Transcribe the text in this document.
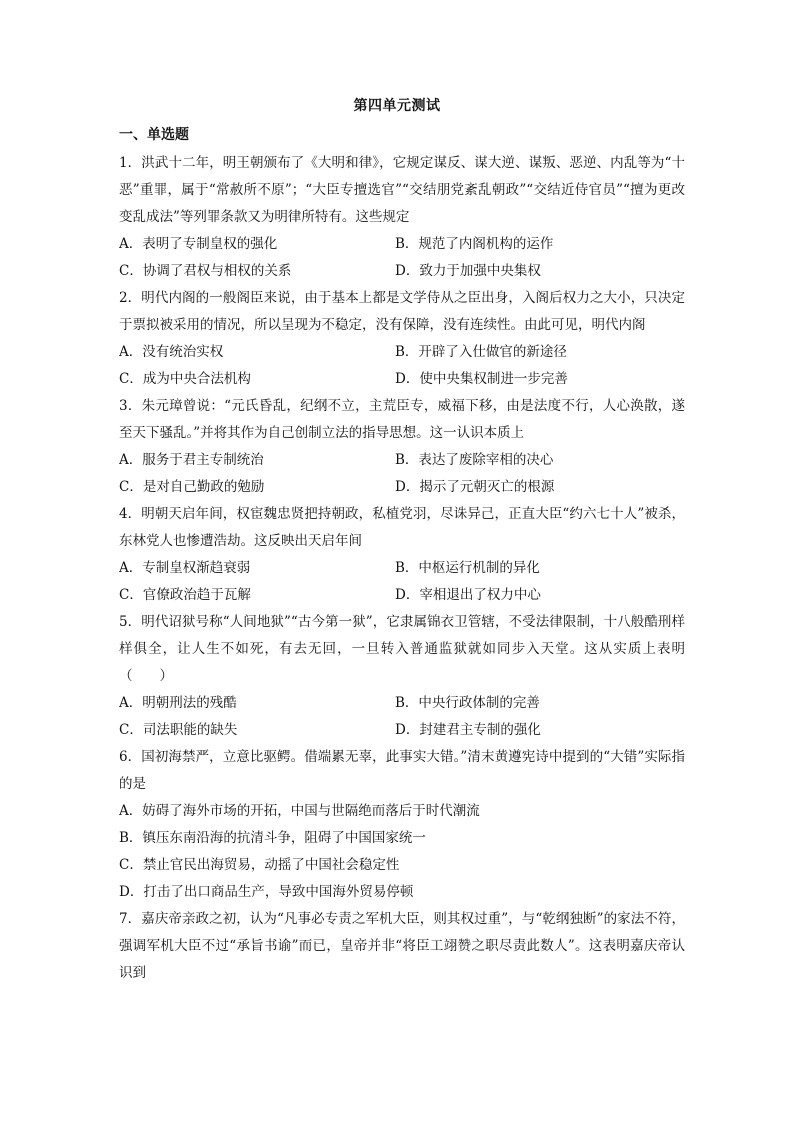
第四单元测试
一、单选题

1．洪武十二年，明王朝颁布了《大明和律》，它规定谋反、谋大逆、谋叛、恶逆、内乱等为“十恶”重罪，属于“常赦所不原”；“大臣专擅选官”“交结朋党紊乱朝政”“交结近侍官员”“擅为更改变乱成法”等列罪条款又为明律所特有。这些规定

A．表明了专制皇权的强化	B．规范了内阁机构的运作
C．协调了君权与相权的关系	D．致力于加强中央集权

2．明代内阁的一般阁臣来说，由于基本上都是文学侍从之臣出身，入阁后权力之大小，只决定于票拟被采用的情况，所以呈现为不稳定，没有保障，没有连续性。由此可见，明代内阁

A．没有统治实权	B．开辟了入仕做官的新途径
C．成为中央合法机构	D．使中央集权制进一步完善

3．朱元璋曾说：“元氏昏乱，纪纲不立，主荒臣专，威福下移，由是法度不行，人心涣散，遂至天下骚乱。”并将其作为自己创制立法的指导思想。这一认识本质上

A．服务于君主专制统治	B．表达了废除宰相的决心
C．是对自己勤政的勉励	D．揭示了元朝灭亡的根源

4．明朝天启年间，权宦魏忠贤把持朝政，私植党羽，尽诛异己，正直大臣“约六七十人”被杀，东林党人也惨遭浩劫。这反映出天启年间

A．专制皇权渐趋衰弱	B．中枢运行机制的异化
C．官僚政治趋于瓦解	D．宰相退出了权力中心

5．明代诏狱号称“人间地狱”“古今第一狱”，它隶属锦衣卫管辖，不受法律限制，十八般酷刑样样俱全，让人生不如死，有去无回，一旦转入普通监狱就如同步入天堂。这从实质上表明（　　）

A．明朝刑法的残酷	B．中央行政体制的完善
C．司法职能的缺失	D．封建君主专制的强化

6．国初海禁严，立意比驱鳄。借端累无辜，此事实大错。”清末黄遵宪诗中提到的“大错”实际指的是

A．妨碍了海外市场的开拓，中国与世隔绝而落后于时代潮流
B．镇压东南沿海的抗清斗争，阻碍了中国国家统一
C．禁止官民出海贸易，动摇了中国社会稳定性
D．打击了出口商品生产，导致中国海外贸易停顿

7．嘉庆帝亲政之初，认为“凡事必专责之军机大臣，则其权过重”，与“乾纲独断”的家法不符，强调军机大臣不过“承旨书谕”而已，皇帝并非“将臣工翊赞之职尽责此数人”。这表明嘉庆帝认识到
